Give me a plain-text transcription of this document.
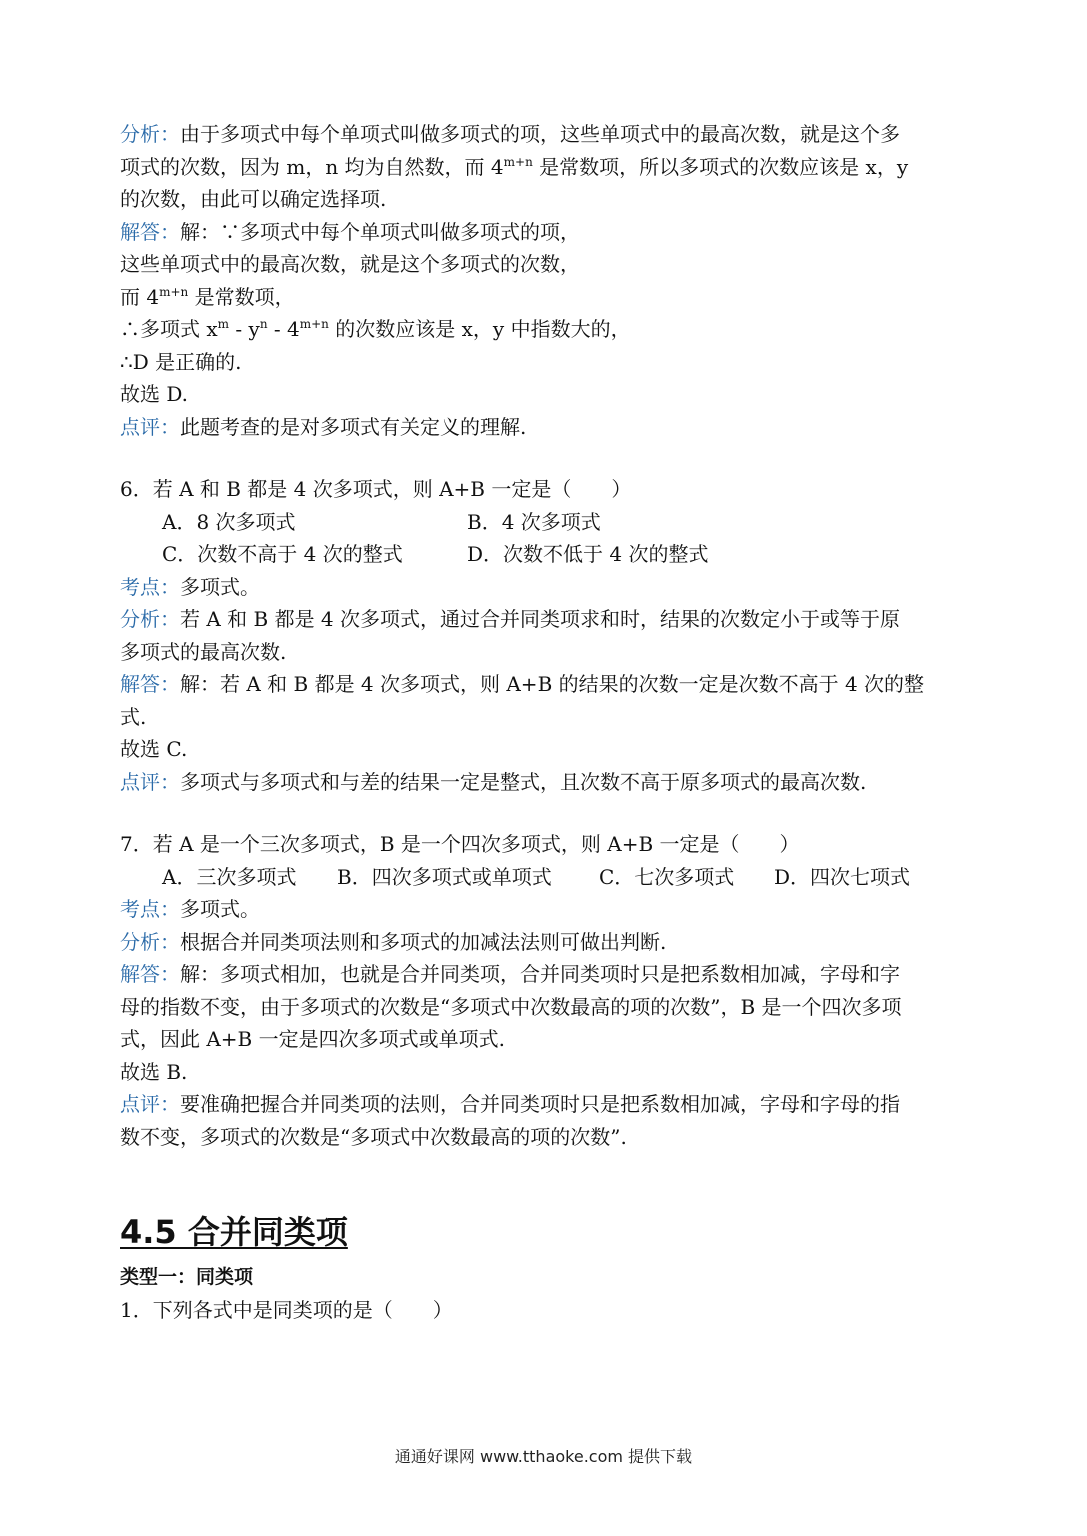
分析：由于多项式中每个单项式叫做多项式的项，这些单项式中的最高次数，就是这个多
项式的次数，因为 m，n 均为自然数，而 $4^{m+n}$ 是常数项，所以多项式的次数应该是 x，y
的次数，由此可以确定选择项.
解答：解：∵多项式中每个单项式叫做多项式的项，
这些单项式中的最高次数，就是这个多项式的次数，
而 $4^{m+n}$ 是常数项，
∴多项式 $x^m - y^n - 4^{m+n}$ 的次数应该是 x，y 中指数大的，
∴D 是正确的.
故选 D.
点评：此题考查的是对多项式有关定义的理解.
6．若 A 和 B 都是 4 次多项式，则 A+B 一定是（　　）
A．8 次多项式	B．4 次多项式
C．次数不高于 4 次的整式	D．次数不低于 4 次的整式
考点：多项式。
分析：若 A 和 B 都是 4 次多项式，通过合并同类项求和时，结果的次数定小于或等于原
多项式的最高次数.
解答：解：若 A 和 B 都是 4 次多项式，则 A+B 的结果的次数一定是次数不高于 4 次的整
式.
故选 C.
点评：多项式与多项式和与差的结果一定是整式，且次数不高于原多项式的最高次数.
7．若 A 是一个三次多项式，B 是一个四次多项式，则 A+B 一定是（　　）
A．三次多项式	B．四次多项式或单项式	C．七次多项式	D．四次七项式
考点：多项式。
分析：根据合并同类项法则和多项式的加减法法则可做出判断.
解答：解：多项式相加，也就是合并同类项，合并同类项时只是把系数相加减，字母和字
母的指数不变，由于多项式的次数是“多项式中次数最高的项的次数”，B 是一个四次多项
式，因此 A+B 一定是四次多项式或单项式.
故选 B.
点评：要准确把握合并同类项的法则，合并同类项时只是把系数相加减，字母和字母的指
数不变，多项式的次数是“多项式中次数最高的项的次数”.
4.5 合并同类项
类型一：同类项
1．下列各式中是同类项的是（　　）
通通好课网 www.tthaoke.com 提供下载
